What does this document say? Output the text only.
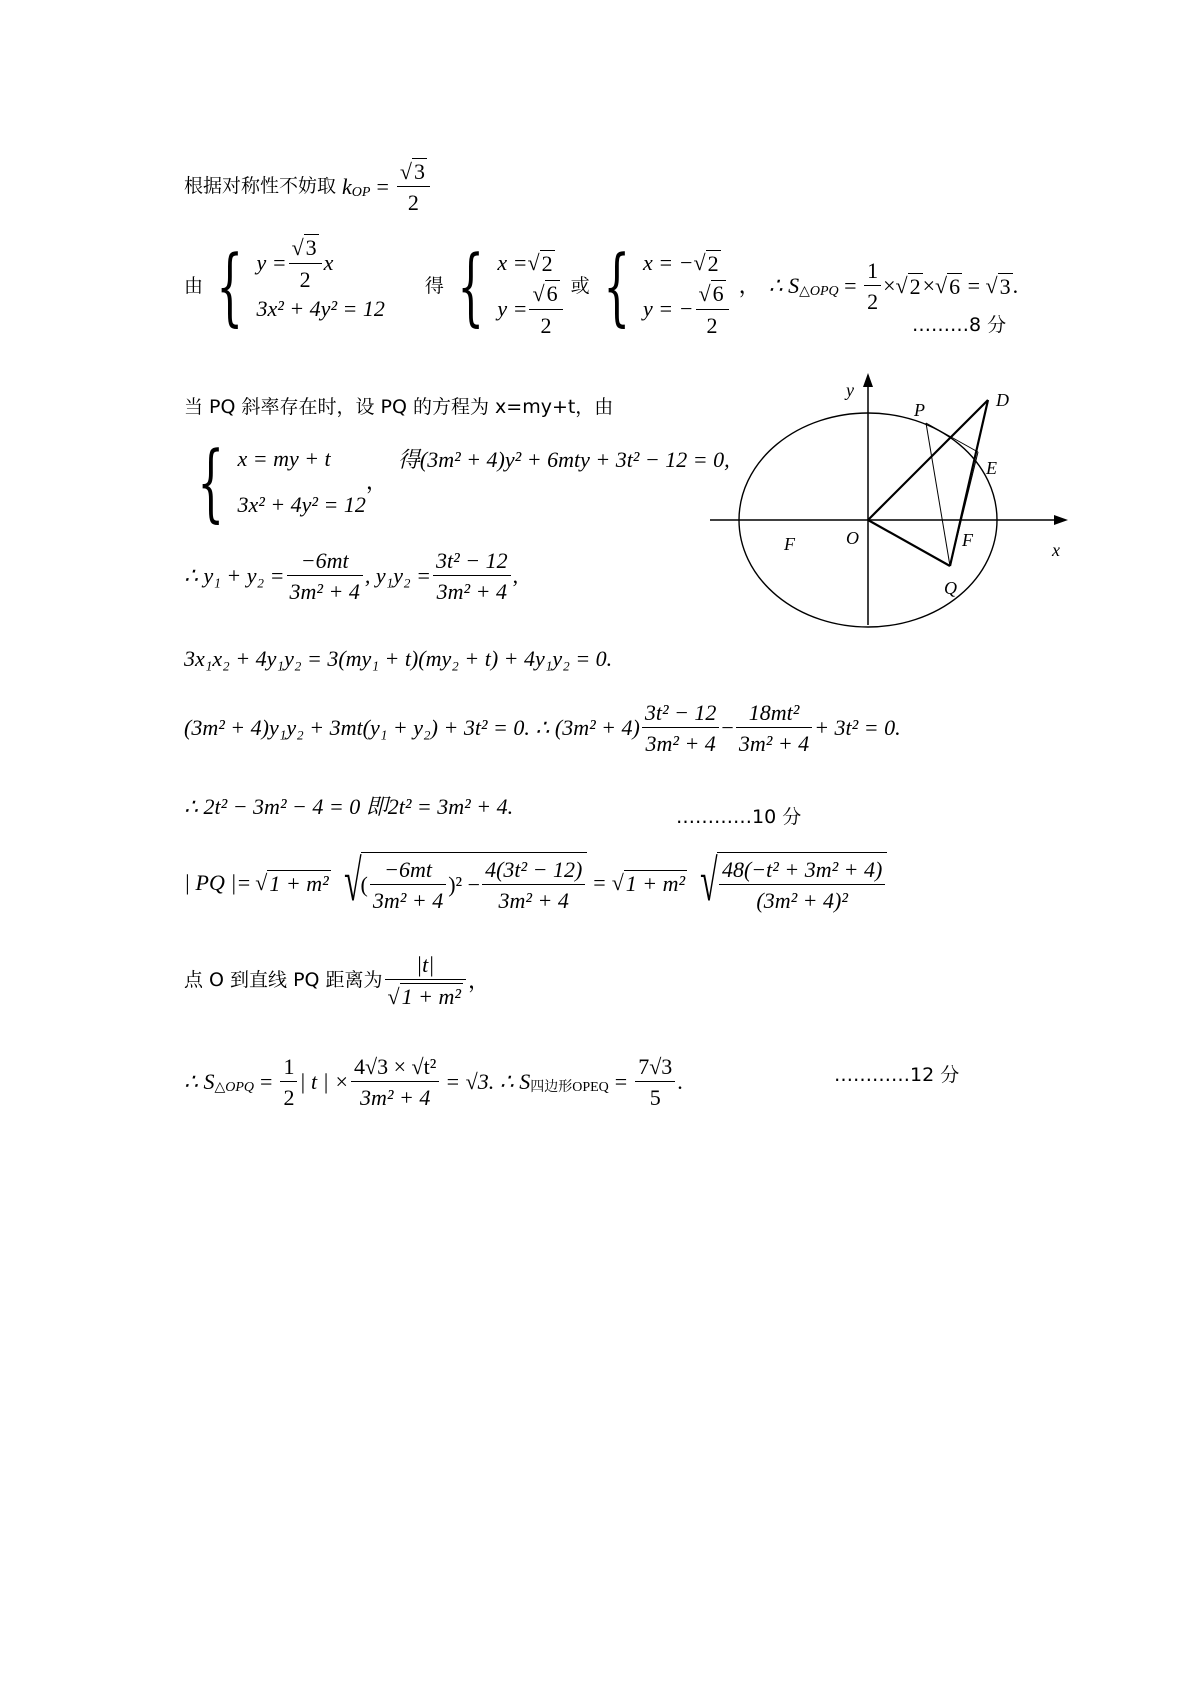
根据对称性不妨取 k OP = √ $\frac{3}{2}$
由 { y = √ $\frac{3}{2}$ x
3x² + 4y² = 12
得 { x = √ 2
y = √ $\frac{6}{2}$ 或 { x = − √ 2
y = − √ $\frac{6}{2}$ ， ∴ S △OPQ = $\frac{1}{2}$ × √ 2 × √ 6 = √ 3 .
………8 分
当 PQ 斜率存在时，设 PQ 的方程为 x=my+t，由
{ x = my + t
3x² + 4y² = 12
，
得(3m² + 4)y² + 6mty + 3t² − 12 = 0,
∴ $y_1 + y_2 = \frac{-6mt}{\text{3m² + 4}}$ , $y_1y_2 = \frac{\text{3t² − 12}}{\text{3m² + 4}}$ ,
3x₁x₂ + 4y₁y₂ = 3(my₁ + t)(my₂ + t) + 4y₁y₂ = 0.
(3m² + 4)y₁y₂ + 3mt(y₁ + y₂) + 3t² = 0. ∴ $(3m^2 + 4) \frac{\text{3t² − 12}}{\text{3m² + 4}} - \frac{\text{18mt²}}{\text{3m² + 4}} + 3t^2 = 0$.
∴ 2t² − 3m² − 4 = 0 即2t² = 3m² + 4.	…………10 分
| PQ |= √ 1 + m² √ ( $\frac{-6mt}{\text{3m² + 4}} )^2 - \frac{\text{4(3t² − 12)}}{\text{3m² + 4}}$ = √ 1 + m² √ $\frac{\text{48(−t² + 3m² + 4)}}{\text{(3m² + 4)²}}$
点 O 到直线 PQ 距离为 |t|
√ 1 + m² ，
∴ S △OPQ = $\frac{1}{2}$ | t | × $\frac{\text{4√3 × √t²}}{\text{3m² + 4}} = √3$. ∴ S 四边形OPEQ = $\frac{7√3}{5}$ .	…………12 分
y
x
D
P
E
O
F	F
Q
